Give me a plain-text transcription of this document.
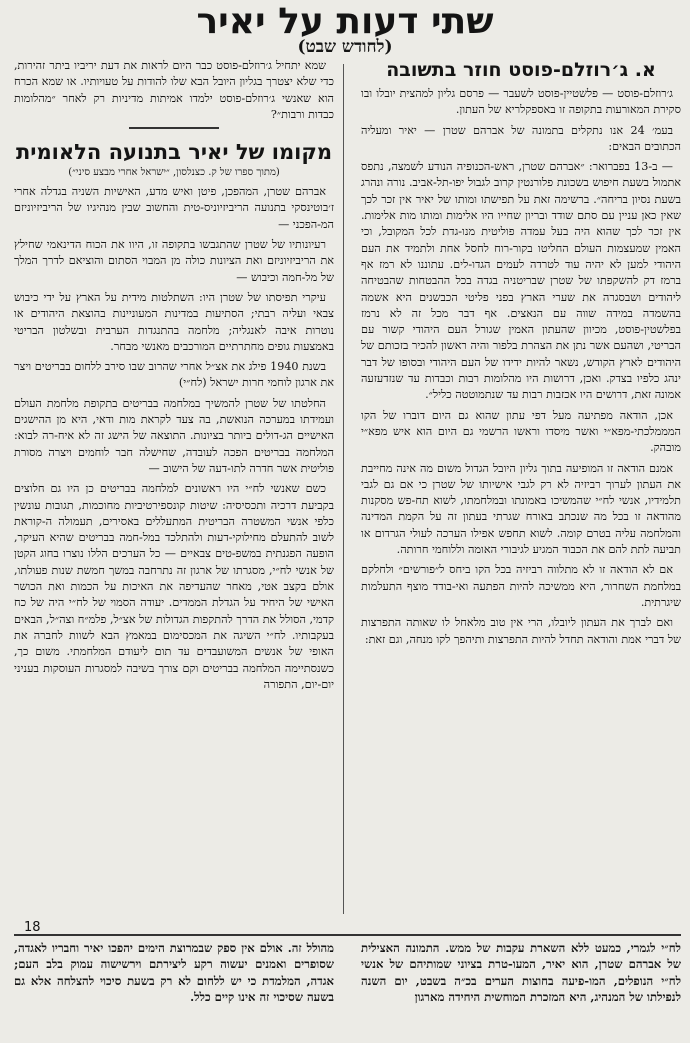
שתי דעות על יאיר
(לחודש שבט)
א. ג׳רוזלם-פוסט חוזר בתשובה

ג׳רוזלם-פוסט — פלשטיין-פוסט לשעבר — פרסם גליון למהצית יובלו ובו סקירת המאורעות בתקופה זו באספקלריא של העתון.

בעמ׳ 24 אנו נתקלים בתמונה של אברהם שטרן — יאיר ומעליה הכתובים הבאים:

— ב-13 בפברואר: ״אברהם שטרן, ראש-הכנופיה הנודע לשמצה, נתפס אתמול בשעת חיפוש בשכונת פלורנטין קרוב לגבול יפו-תל-אביב. נורה ונהרג בשעת נסיון בריחה״. ברשימה זאת על תפישתו ומותו של יאיר אין זכר לכך שאין כאן עניין עם סתם שודד ובריון שחייו היו אלימות ומותו מות אלימות. אין זכר לכך שהוא היה בעל עמדה פוליטית מנו-גדת לכל המקובל, וכי האמין שמעצמות העולם החליטו בקור-רוח לחסל אחת ולתמיד את העם היהודי למען לא יהיה עוד לטרדה לעמים הגדו-לים. עתוננו לא רמז אף ברמז דק להשקפתו של שטרן שבריטניה בגדה בכל ההבטחות שהבטיחה ליהודים ושבסגרה את שערי הארץ בפני פליטי הכבשנים היא אשמה בהשמדה במידה שווה עם הנאצים. אף דבר מכל זה לא נרמז בפלשטין-פוסט, מכיוון שהעתון האמין שגורל העם היהודי קשור עם הבריטי, ושהעם אשר נתן את הצהרת בלפור והיה ראשון להכיר בזכותם של היהודים לארץ הקודש, נשאר להיות ידידו של העם היהודי ובסופו של דבר ינהג כלפיו בצדק. ואכן, דרושות היו מהלומות רבות וכבדות עד שנזדעזעה אמונה זאת, דרושים היו אכזבות רבות עד שנתמוטטה כליל״.

אכן, הודאה מפתיעה מעל דפי עתון שהוא גם היום דוברו של הקו המממלכתי-מפא״י ואשר מיסדו וראשו הרשמי גם היום הוא איש מפא״י מובהק.

אמנם הודאה זו המופיעה בתוך גליון היובל הגדול משום מה אינה מחייבת את העתון לערוך רביזיה לא רק לגבי אישיותו של שטרן כי אם גם לגבי תלמידיו, אנשי לח״י שהמשיכו באמונתו ובמלחמתו, לשוא תח-פש מסקנות מהודאה זו בכל מה שנכתב באורח שגרתי בעתון זה על הקמת המדינה והמלחמה עליה בטרם קומה. לשוא תחפש אפילו הערכה לעולי הגרדום או תביעה לתת להם את הכבוד המגיע לגיבורי האומה וללוחמי חרותה.

אם לא הודאה זו לא מתלווה רביזיה בכל הקו ביחס ל״פורשים״ ולחלקם במלחמת השחרור, היא ממשיכה להיות הפתעה ואי-בודד מוצף התעלמות שיגרתית.

ואם לברך את העתון ליובלו, הרי אין טוב מלאחל לו שאותה התפרצות של דברי אמת והודאה תחדל להיות התפרצות ותיהפך לקו מנחה, וגם זאת:

שמא יתחיל ג׳רוזלם-פוסט כבר היום לראות את דעת יריביו ביתר זהירות, כדי שלא יצטרך בגליון היובל הבא שלו להודות על טעויותיו. או שמא הכרח הוא שאנשי ג׳רוזלם-פוסט ילמדו אמיתות מדיניות רק לאחר ״מהלומות כבדות ורבות״?

מקומו של יאיר בתנועה הלאומית
(מתוך ספרו של ק. כצנלסון, ״ישראל אחרי מבצע סיני״)

אברהם שטרן, המהפכן, פיטן ואיש מדע, האישיות השניה בגדלה אחרי ז׳בוטינסקי בתנועה הריביזיוניס-טית והחשוב שבין מנהיגיו של הריביזיוניזם המ-הפכני —

רעיונותיו של שטרן שהתגבשו בתקופה זו, היוו את הכוח הדינאמי שחילץ את הריביזיוניזם ואת הציונות כולה מן המבוי הסתום והוציאם לדרך המלך של מל-חמה וכיבוש —

עיקרי תפיסתו של שטרן היו: השתלטות מידית על הארץ על ידי כיבוש צבאי ועליה רבתי; הסתיעות במדינות המעוניינות בהוצאת היהודים או נוטרות איבה לאנגליה; מלחמה בהתנגדות הערבית ובשלטון הבריטי באמצעות גופים מחתרתיים המורכבים מאנשי מבחר.

בשנת 1940 פילג את אצ״ל אחרי שהרוב שבו סירב ללחום בבריטים ויצר את ארגון לוחמי חרות ישראל (לח״י)

החלטתו של שטרן להמשיך במלחמה בבריטים בתקופת מלחמת העולם ועמידתו במערכה הנואשת, בה צעד לקראת מות ודאי, היא מן ההישגים האישיים הג-דולים ביותר בציונות. התוצאה של הישג זה לא איח-רה לבוא: המלחמה בבריטים הפכה לעובדה, שחישלה חבר לוחמים ויצרה מסורת פוליטית אשר חדרה לתו-דעה של הישוב —

כשם שאנשי לח״י היו ראשונים למלחמה בבריטים כן היו גם חלוצים בקביעת דרכיה ותכסיסיה: שיטות קונספירטיביות מחוכמות, תגובות עונשין כלפי אנשי המשטרה הבריטית המתעללים באסירים, תעמולה ה-קוראת לשוב להתעלם מחילוקי-דעות ולהתלכד במל-חמה בבריטים שהיא העיקר, הופעה הפגנתית במשפ-טים צבאיים — כל הערכים הללו נוצרו בחוג הקטן של אנשי לח״י, מסגרתו של ארגון זה נתרחבה במשך חמשת שנות פעולתו, אולם בקצב אטי, מאחר שהעדיפה את האיכות על הכמות ואת הכושר האישי של היחיד על הגדלת הממדים. יעודה הסמוי של לח״י היה של כח קדמי, הסולל את הדרך להתקפות הגדולות של אצ״ל, פלמ״ח וצה״ל, הבאים בעקבותיו. לח״י השיגה את המכסימום במאמץ הבא לשוות לחברה את האופי של אנשים המשועבדים עד תום ליעודם המלחמתי. משום כך, כשנסתיימה המלחמה בבריטים וקם צורך בשיבה למסגרות העוסקות בעניני יום-יום, התפורה

18

לח״י לגמרי, כמעט ללא השארת עקבות של ממש. התמונה האצילית של אברהם שטרן, הוא יאיר, המעו-טרת בציוני שמותיהם של אנשי לח״י הנופלים, המו-פיעה בחוצות הערים בכ״ה בשבט, יום השנה לנפילתו של המנהיג, היא המזכרת המוחשית היחידה מארגון

מהולל זה. אולם אין ספק שבמרוצת הימים יהפכו יאיר וחבריו לאגדה, שסופרים ואמנים יעשוה רקע ליצירתם וירשישוה עמוק בלב העם; אגדה, המלמדת כי יש ללחום לא רק בשעת סיכוי להצלחה אלא גם בשעה שסיכוי זה אינו קיים כלל.
